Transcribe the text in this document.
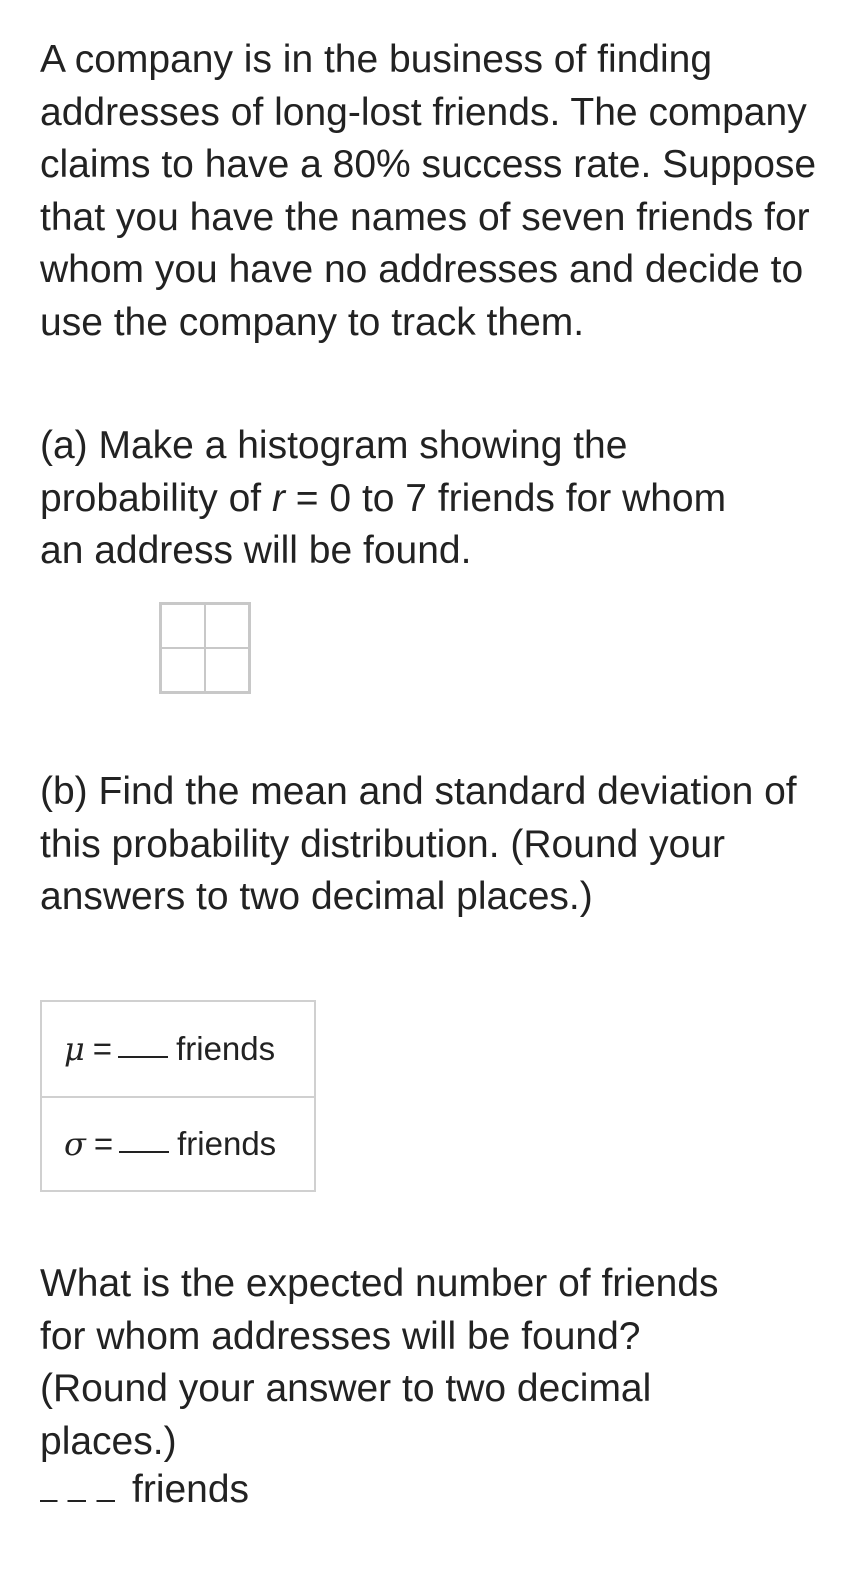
A company is in the business of finding addresses of long-lost friends. The company claims to have a 80% success rate. Suppose that you have the names of seven friends for whom you have no addresses and decide to use the company to track them.

(a) Make a histogram showing the probability of r = 0 to 7 friends for whom an address will be found.

(b) Find the mean and standard deviation of this probability distribution. (Round your answers to two decimal places.)

μ = friends
σ = friends

What is the expected number of friends for whom addresses will be found? (Round your answer to two decimal places.)

friends
